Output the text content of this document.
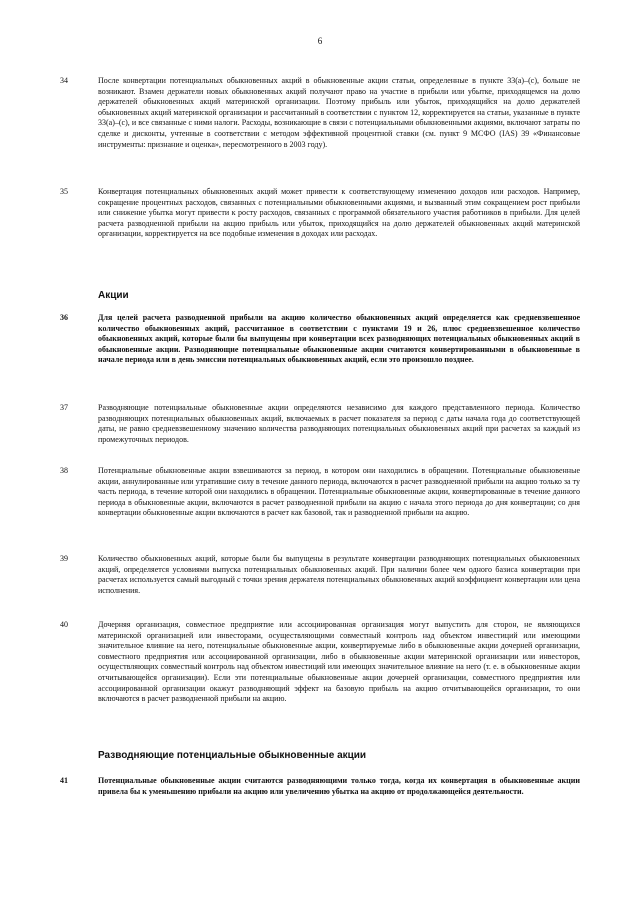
6
34	После конвертации потенциальных обыкновенных акций в обыкновенные акции статьи, определенные в пункте 33(a)–(c), больше не возникают. Взамен держатели новых обыкновенных акций получают право на участие в прибыли или убытке, приходящемся на долю держателей обыкновенных акций материнской организации. Поэтому прибыль или убыток, приходящийся на долю держателей обыкновенных акций материнской организации и рассчитанный в соответствии с пунктом 12, корректируется на статьи, указанные в пункте 33(a)–(c), и все связанные с ними налоги. Расходы, возникающие в связи с потенциальными обыкновенными акциями, включают затраты по сделке и дисконты, учтенные в соответствии с методом эффективной процентной ставки (см. пункт 9 МСФО (IAS) 39 «Финансовые инструменты: признание и оценка», пересмотренного в 2003 году).
35	Конвертация потенциальных обыкновенных акций может привести к соответствующему изменению доходов или расходов. Например, сокращение процентных расходов, связанных с потенциальными обыкновенными акциями, и вызванный этим сокращением рост прибыли или снижение убытка могут привести к росту расходов, связанных с программой обязательного участия работников в прибыли. Для целей расчета разводненной прибыли на акцию прибыль или убыток, приходящийся на долю держателей обыкновенных акций материнской организации, корректируется на все подобные изменения в доходах или расходах.
Акции
36	Для целей расчета разводненной прибыли на акцию количество обыкновенных акций определяется как средневзвешенное количество обыкновенных акций, рассчитанное в соответствии с пунктами 19 и 26, плюс средневзвешенное количество обыкновенных акций, которые были бы выпущены при конвертации всех разводняющих потенциальных обыкновенных акций в обыкновенные акции. Разводняющие потенциальные обыкновенные акции считаются конвертированными в обыкновенные в начале периода или в день эмиссии потенциальных обыкновенных акций, если это произошло позднее.
37	Разводняющие потенциальные обыкновенные акции определяются независимо для каждого представленного периода. Количество разводняющих потенциальных обыкновенных акций, включаемых в расчет показателя за период с даты начала года до соответствующей даты, не равно средневзвешенному значению количества разводняющих потенциальных обыкновенных акций при расчетах за каждый из промежуточных периодов.
38	Потенциальные обыкновенные акции взвешиваются за период, в котором они находились в обращении. Потенциальные обыкновенные акции, аннулированные или утратившие силу в течение данного периода, включаются в расчет разводненной прибыли на акцию только за ту часть периода, в течение которой они находились в обращении. Потенциальные обыкновенные акции, конвертированные в течение данного периода в обыкновенные акции, включаются в расчет разводненной прибыли на акцию с начала этого периода до дня конвертации; со дня конвертации обыкновенные акции включаются в расчет как базовой, так и разводненной прибыли на акцию.
39	Количество обыкновенных акций, которые были бы выпущены в результате конвертации разводняющих потенциальных обыкновенных акций, определяется условиями выпуска потенциальных обыкновенных акций. При наличии более чем одного базиса конвертации при расчетах используется самый выгодный с точки зрения держателя потенциальных обыкновенных акций коэффициент конвертации или цена исполнения.
40	Дочерняя организация, совместное предприятие или ассоциированная организация могут выпустить для сторон, не являющихся материнской организацией или инвесторами, осуществляющими совместный контроль над объектом инвестиций или имеющими значительное влияние на него, потенциальные обыкновенные акции, конвертируемые либо в обыкновенные акции дочерней организации, совместного предприятия или ассоциированной организации, либо в обыкновенные акции материнской организации или инвесторов, осуществляющих совместный контроль над объектом инвестиций или имеющих значительное влияние на него (т. е. в обыкновенные акции отчитывающейся организации). Если эти потенциальные обыкновенные акции дочерней организации, совместного предприятия или ассоциированной организации окажут разводняющий эффект на базовую прибыль на акцию отчитывающейся организации, то они включаются в расчет разводненной прибыли на акцию.
Разводняющие потенциальные обыкновенные акции
41	Потенциальные обыкновенные акции считаются разводняющими только тогда, когда их конвертация в обыкновенные акции привела бы к уменьшению прибыли на акцию или увеличению убытка на акцию от продолжающейся деятельности.
